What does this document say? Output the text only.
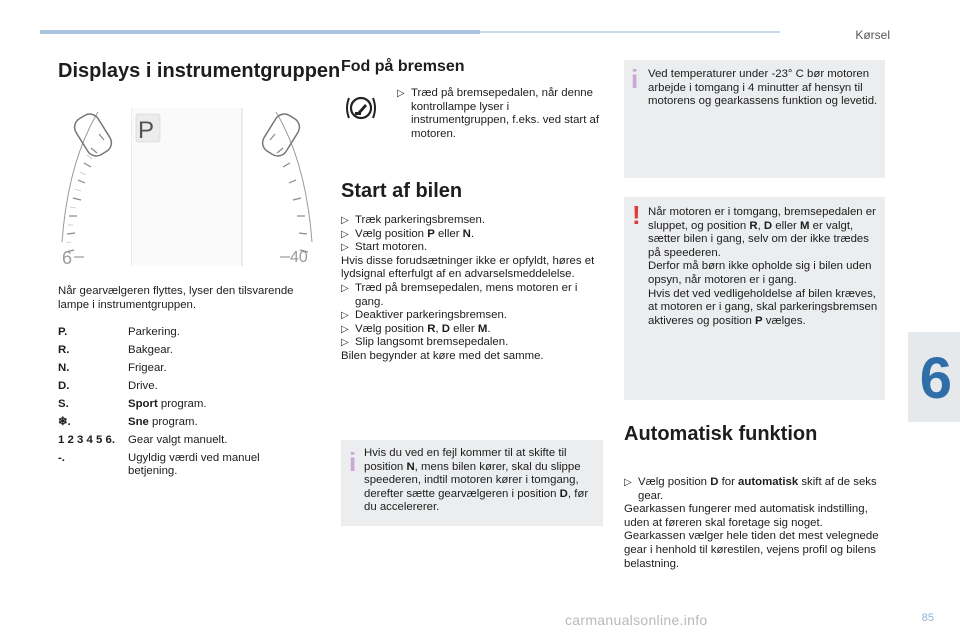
Kørsel
6
Displays i instrumentgruppen
6
P
40
Når gearvælgeren flyttes, lyser den tilsvarende lampe i instrumentgruppen.
P.	Parkering.
R.	Bakgear.
N.	Frigear.
D.	Drive.
S.	Sport program.
❄.	Sne program.
1 2 3 4 5 6.	Gear valgt manuelt.
-.	Ugyldig værdi ved manuel betjening.
Fod på bremsen
▷ Træd på bremsepedalen, når denne kontrollampe lyser i instrumentgruppen, f.eks. ved start af motoren.
Start af bilen

▷ Træk parkeringsbremsen.

▷ Vælg position P eller N.

▷ Start motoren.

Hvis disse forudsætninger ikke er opfyldt, høres et lydsignal efterfulgt af en advarselsmeddelelse.

▷ Træd på bremsepedalen, mens motoren er i gang.

▷ Deaktiver parkeringsbremsen.

▷ Vælg position R, D eller M.

▷ Slip langsomt bremsepedalen.

Bilen begynder at køre med det samme.

i Hvis du ved en fejl kommer til at skifte til position N, mens bilen kører, skal du slippe speederen, indtil motoren kører i tomgang, derefter sætte gearvælgeren i position D, før du accelererer.
i Ved temperaturer under -23° C bør motoren arbejde i tomgang i 4 minutter af hensyn til motorens og gearkassens funktion og levetid.
! Når motoren er i tomgang, bremsepedalen er sluppet, og position R, D eller M er valgt, sætter bilen i gang, selv om der ikke trædes på speederen.
Derfor må børn ikke opholde sig i bilen uden opsyn, når motoren er i gang.
Hvis det ved vedligeholdelse af bilen kræves, at motoren er i gang, skal parkeringsbremsen aktiveres og position P vælges.
Automatisk funktion

▷ Vælg position D for automatisk skift af de seks gear.

Gearkassen fungerer med automatisk indstilling, uden at føreren skal foretage sig noget. Gearkassen vælger hele tiden det mest velegnede gear i henhold til kørestilen, vejens profil og bilens belastning.

carmanualsonline.info	85
